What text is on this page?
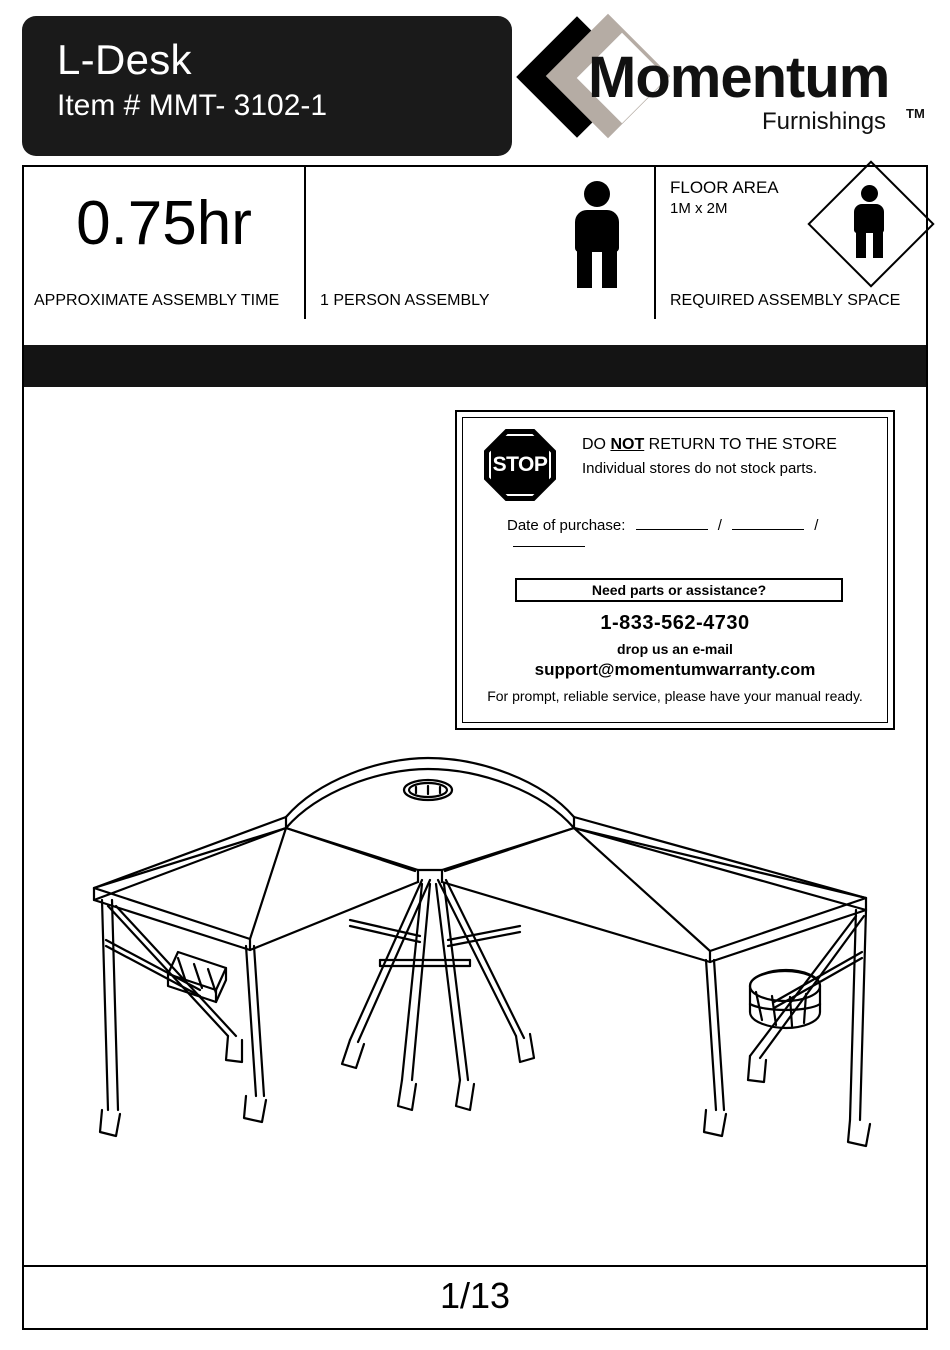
L-Desk
Item # MMT- 3102-1	Momentum
Furnishings TM
0.75hr
APPROXIMATE ASSEMBLY TIME	1 PERSON ASSEMBLY
FLOOR AREA
1M x 2M
REQUIRED ASSEMBLY SPACE
STOP
DO NOT RETURN TO THE STORE
Individual stores do not stock parts.
Date of purchase:	/	/
Need parts or assistance?
1-833-562-4730
drop us an e-mail
support@momentumwarranty.com
For prompt, reliable service, please have your manual ready.
1/13
